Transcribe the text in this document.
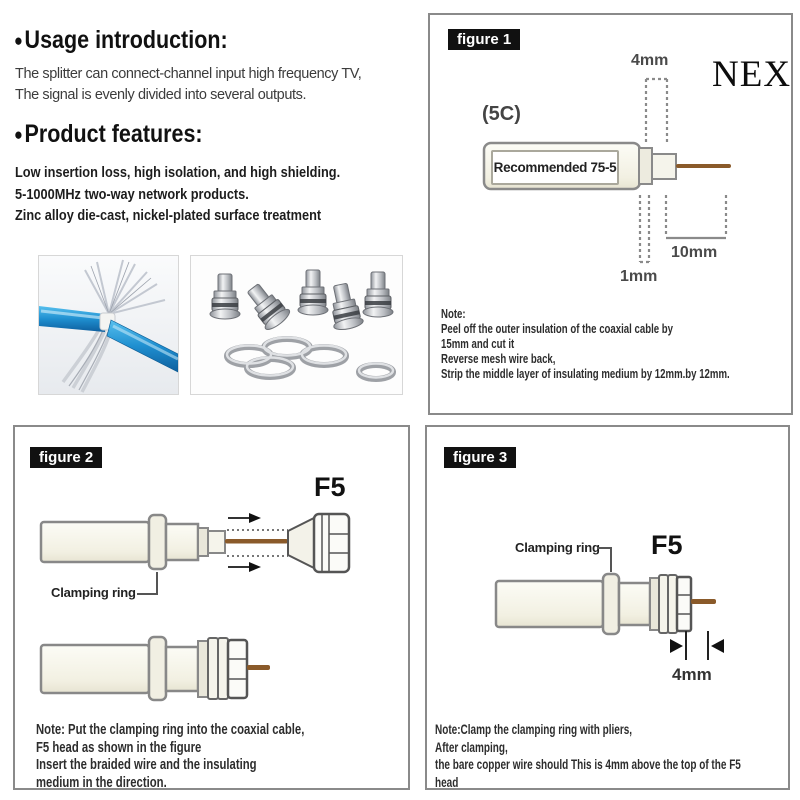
●Usage introduction:
The splitter can connect-channel input high frequency TV,
The signal is evenly divided into several outputs.
●Product features:
Low insertion loss, high isolation, and high shielding.
5-1000MHz two-way network products.
Zinc alloy die-cast, nickel-plated surface treatment
figure 1
NEX
4mm
(5C)
Recommended 75-5
10mm
1mm
Note:
Peel off the outer insulation of the coaxial cable by
15mm and cut it
Reverse mesh wire back,
Strip the middle layer of insulating medium by 12mm.by 12mm.
figure 2
F5
Clamping ring
Note: Put the clamping ring into the coaxial cable,
F5 head as shown in the figure
Insert the braided wire and the insulating
medium in the direction.
figure 3
Clamping ring F5
4mm
Note:Clamp the clamping ring with pliers,
After clamping,
the bare copper wire should This is 4mm above the top of the F5
head
